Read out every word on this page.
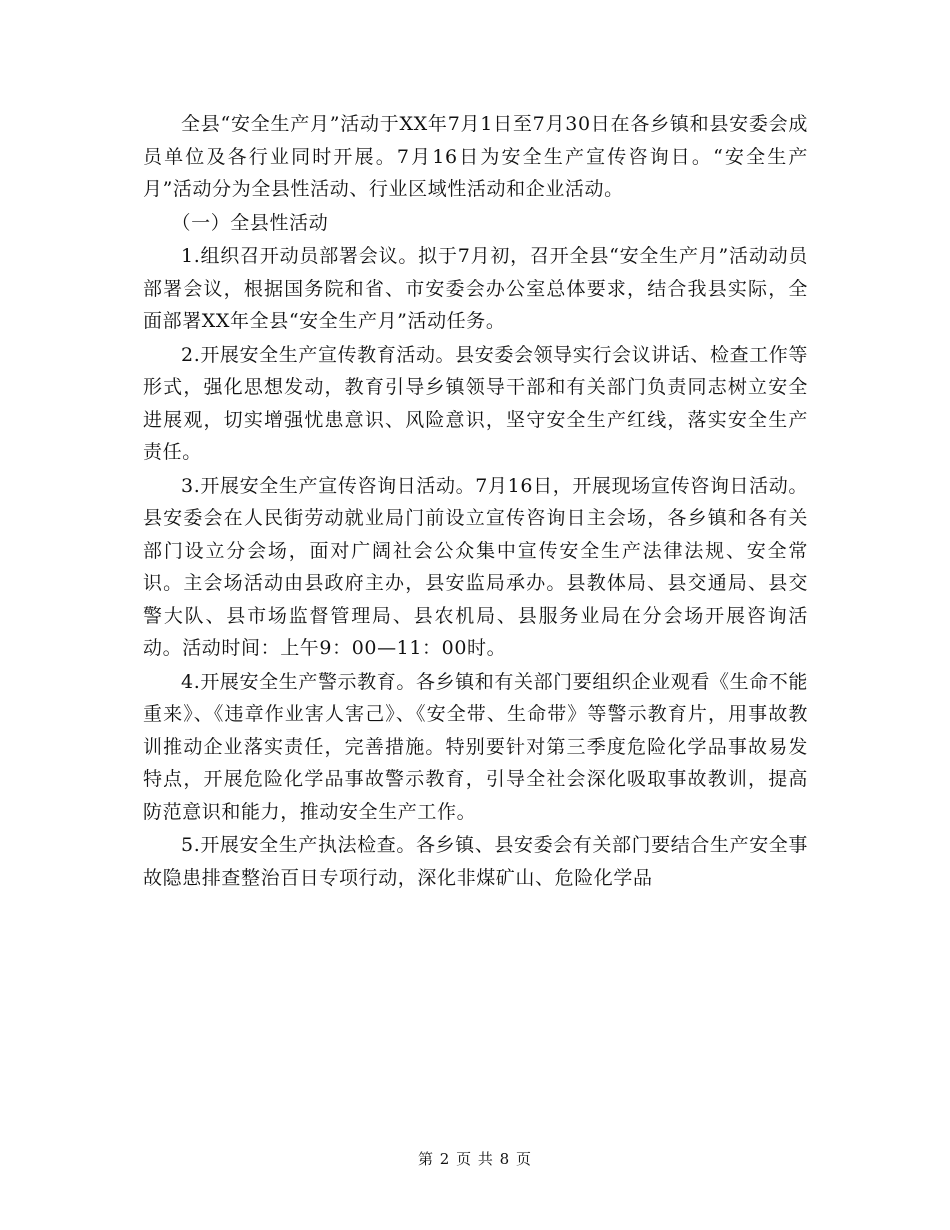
全县“安全生产月”活动于XX年7月1日至7月30日在各乡镇和县安委会成员单位及各行业同时开展。7月16日为安全生产宣传咨询日。“安全生产月”活动分为全县性活动、行业区域性活动和企业活动。

（一）全县性活动

1.组织召开动员部署会议。拟于7月初，召开全县“安全生产月”活动动员部署会议，根据国务院和省、市安委会办公室总体要求，结合我县实际，全面部署XX年全县“安全生产月”活动任务。

2.开展安全生产宣传教育活动。县安委会领导实行会议讲话、检查工作等形式，强化思想发动，教育引导乡镇领导干部和有关部门负责同志树立安全进展观，切实增强忧患意识、风险意识，坚守安全生产红线，落实安全生产责任。

3.开展安全生产宣传咨询日活动。7月16日，开展现场宣传咨询日活动。县安委会在人民街劳动就业局门前设立宣传咨询日主会场，各乡镇和各有关部门设立分会场，面对广阔社会公众集中宣传安全生产法律法规、安全常识。主会场活动由县政府主办，县安监局承办。县教体局、县交通局、县交警大队、县市场监督管理局、县农机局、县服务业局在分会场开展咨询活动。活动时间：上午9：00—11：00时。

4.开展安全生产警示教育。各乡镇和有关部门要组织企业观看《生命不能重来》、《违章作业害人害己》、《安全带、生命带》等警示教育片，用事故教训推动企业落实责任，完善措施。特别要针对第三季度危险化学品事故易发特点，开展危险化学品事故警示教育，引导全社会深化吸取事故教训，提高防范意识和能力，推动安全生产工作。

5.开展安全生产执法检查。各乡镇、县安委会有关部门要结合生产安全事故隐患排查整治百日专项行动，深化非煤矿山、危险化学品

第 2 页 共 8 页
